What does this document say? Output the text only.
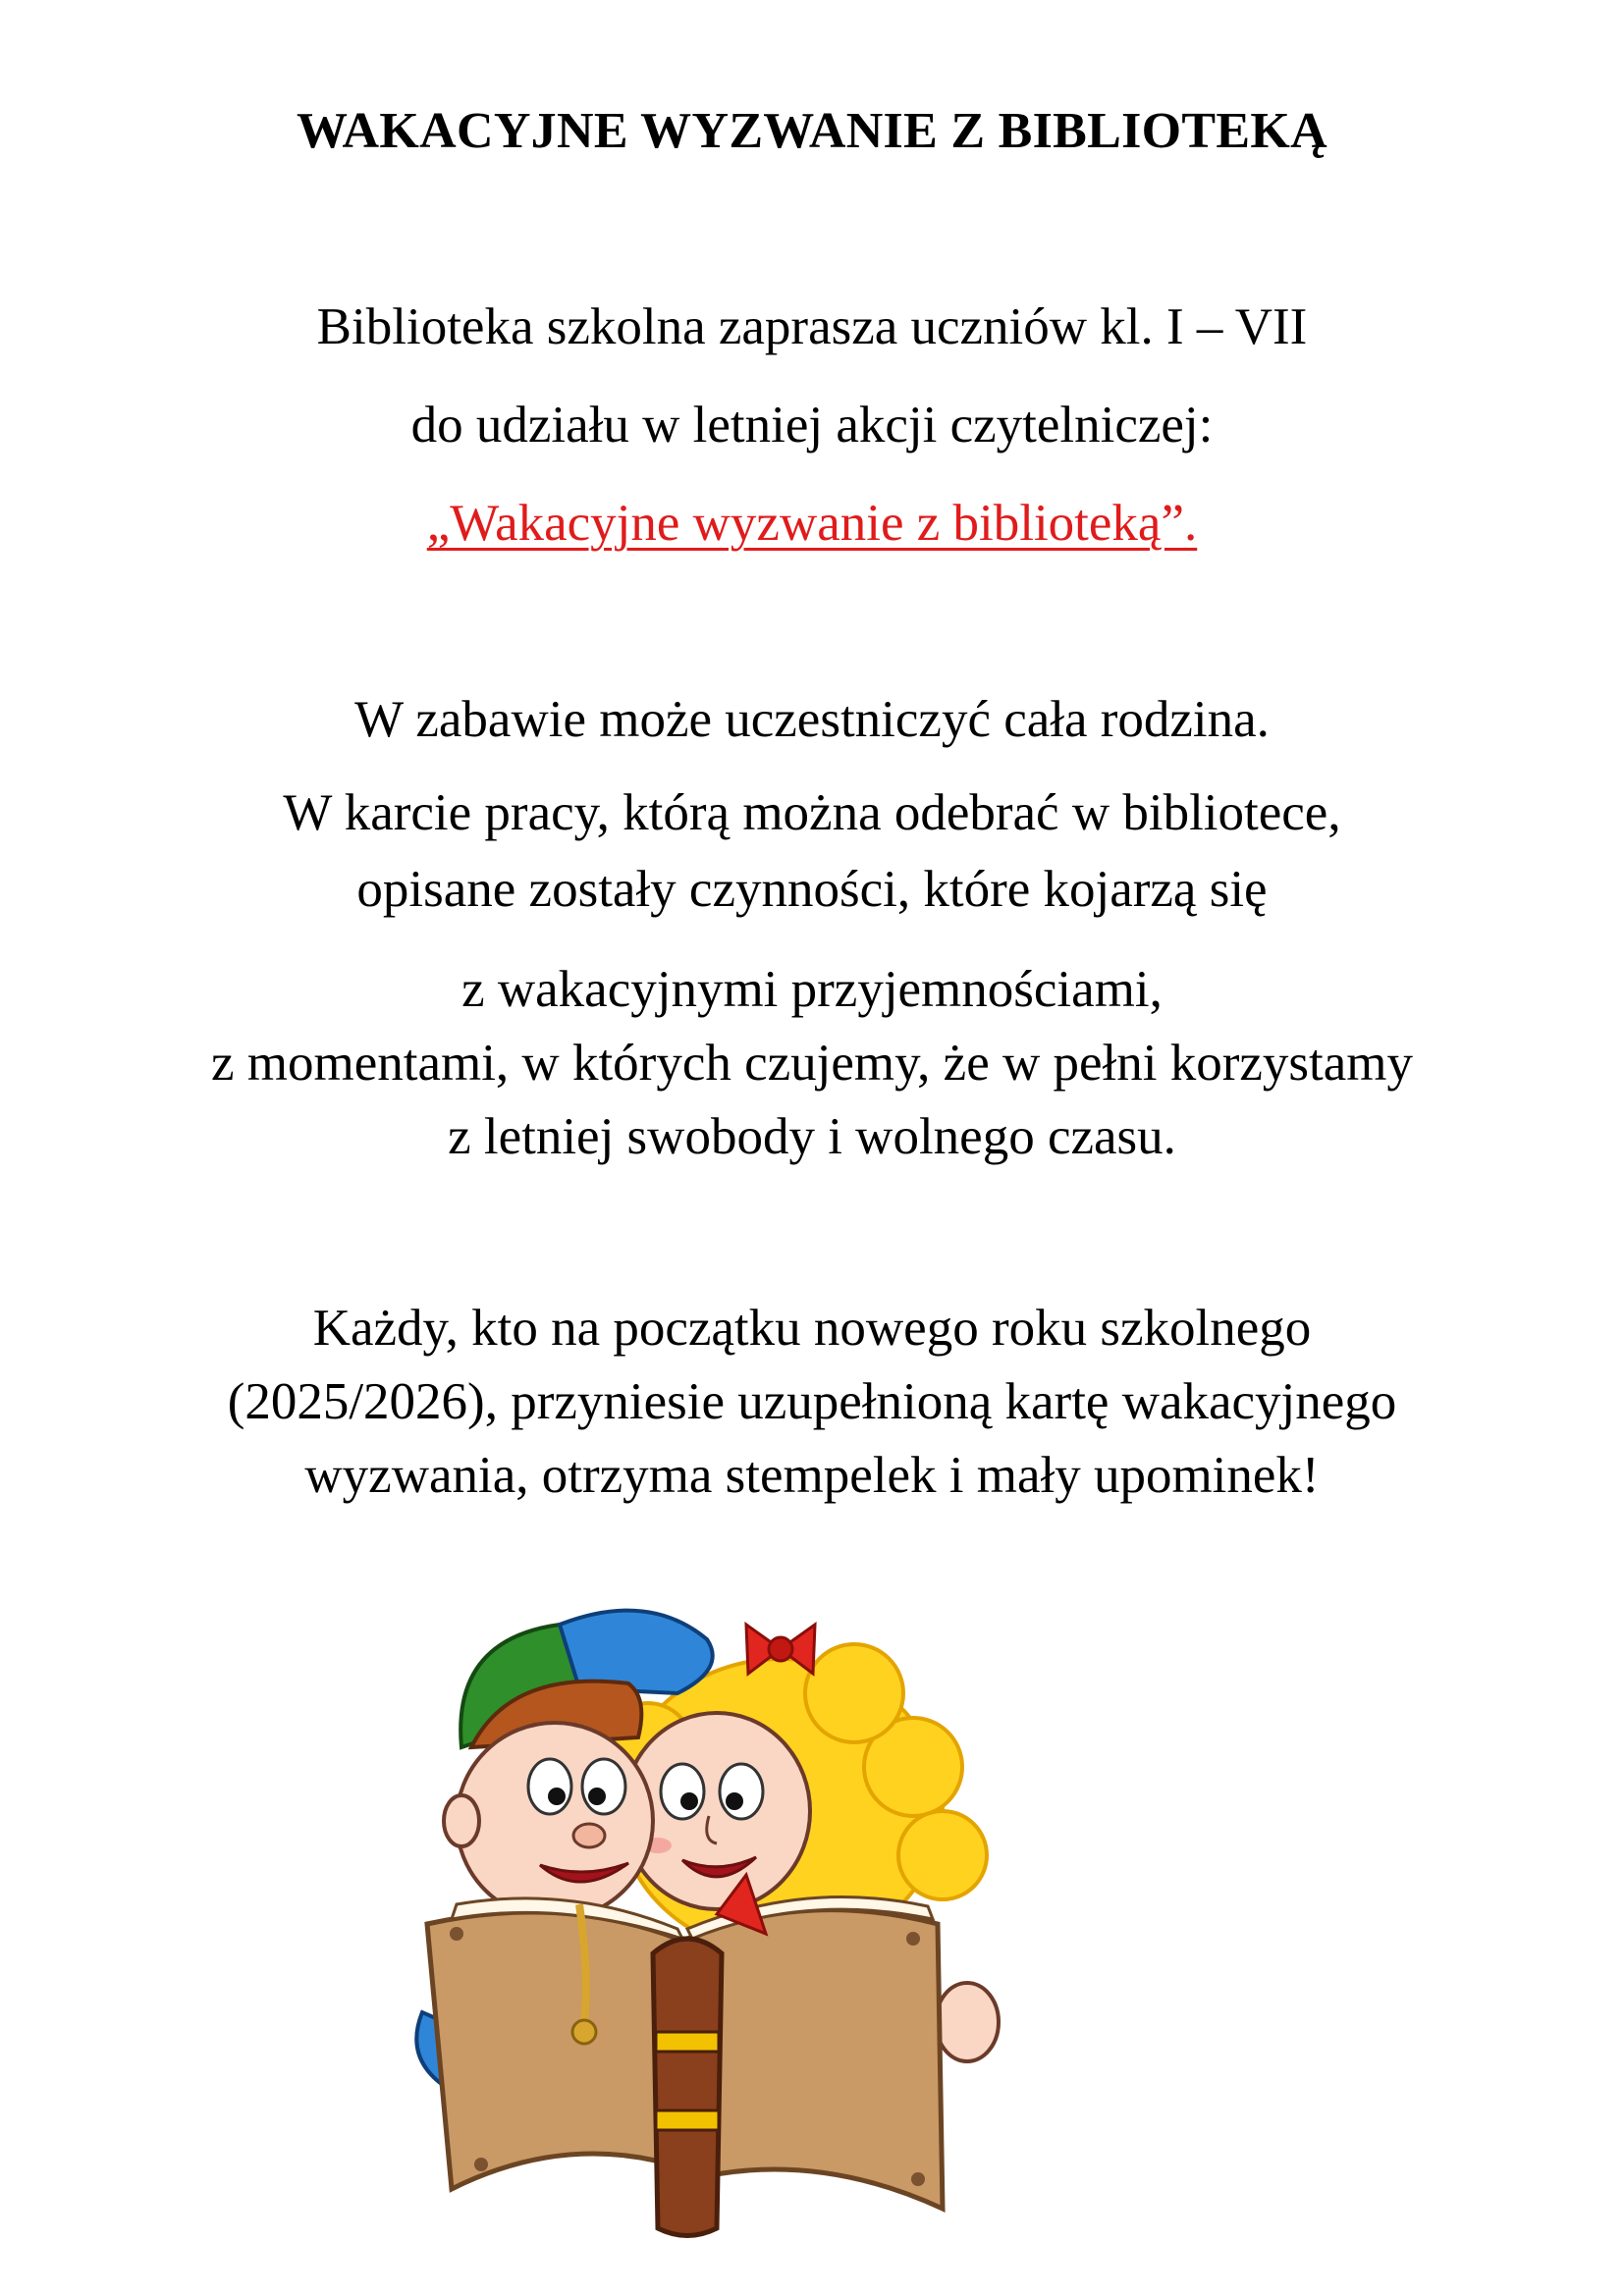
WAKACYJNE WYZWANIE Z BIBLIOTEKĄ
Biblioteka szkolna zaprasza uczniów kl. I – VII
do udziału w letniej akcji czytelniczej:
„Wakacyjne wyzwanie z biblioteką”.
W zabawie może uczestniczyć cała rodzina.
W karcie pracy, którą można odebrać w bibliotece,
opisane zostały czynności, które kojarzą się
z wakacyjnymi przyjemnościami,
z momentami, w których czujemy, że w pełni korzystamy
z letniej swobody i wolnego czasu.
Każdy, kto na początku nowego roku szkolnego
(2025/2026), przyniesie uzupełnioną kartę wakacyjnego
wyzwania, otrzyma stempelek i mały upominek!
